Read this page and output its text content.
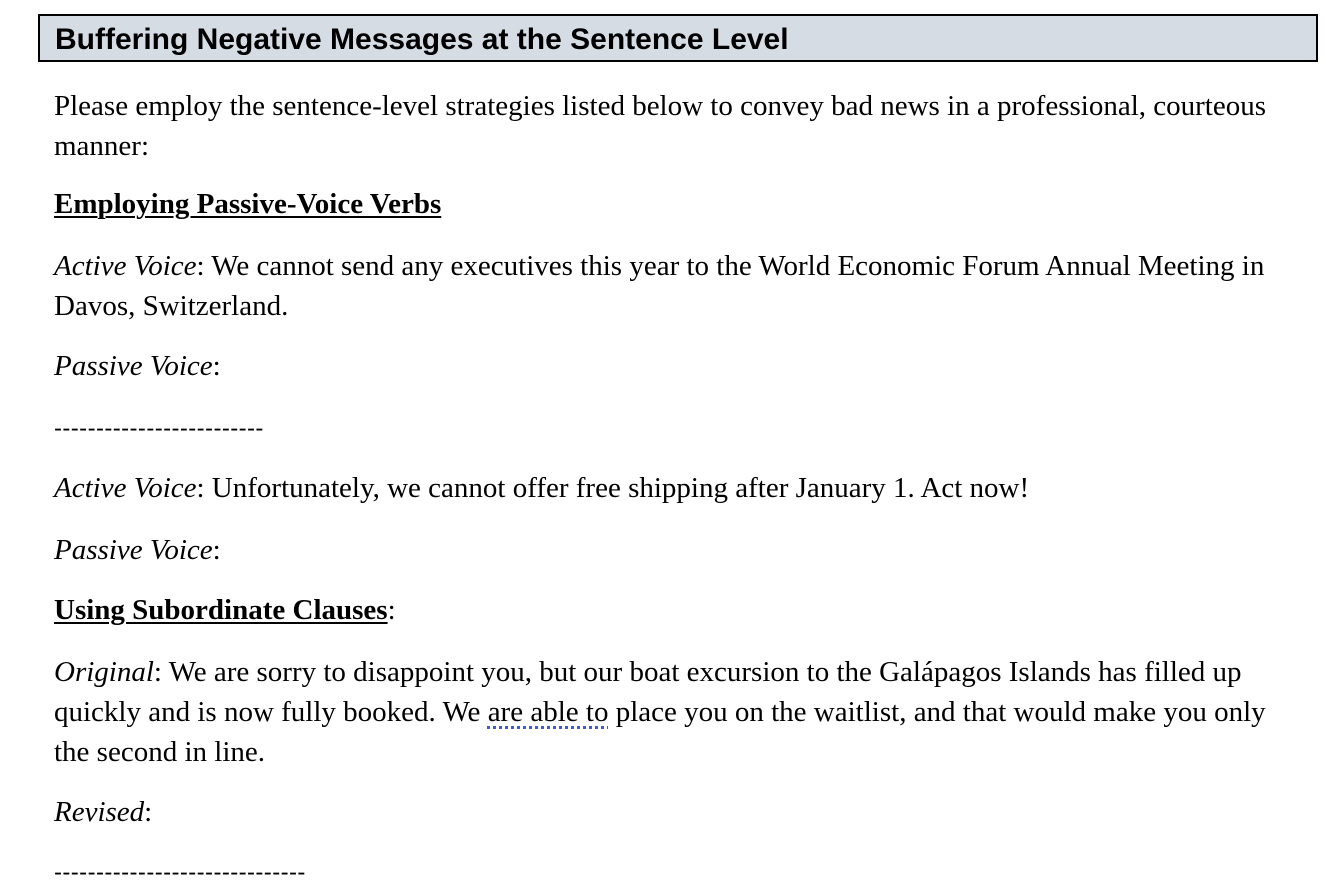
Buffering Negative Messages at the Sentence Level

Please employ the sentence-level strategies listed below to convey bad news in a professional, courteous manner:

Employing Passive-Voice Verbs

Active Voice: We cannot send any executives this year to the World Economic Forum Annual Meeting in Davos, Switzerland.

Passive Voice:

-------------------------

Active Voice: Unfortunately, we cannot offer free shipping after January 1. Act now!

Passive Voice:

Using Subordinate Clauses:

Original: We are sorry to disappoint you, but our boat excursion to the Galápagos Islands has filled up quickly and is now fully booked. We are able to place you on the waitlist, and that would make you only the second in line.

Revised:

------------------------------
